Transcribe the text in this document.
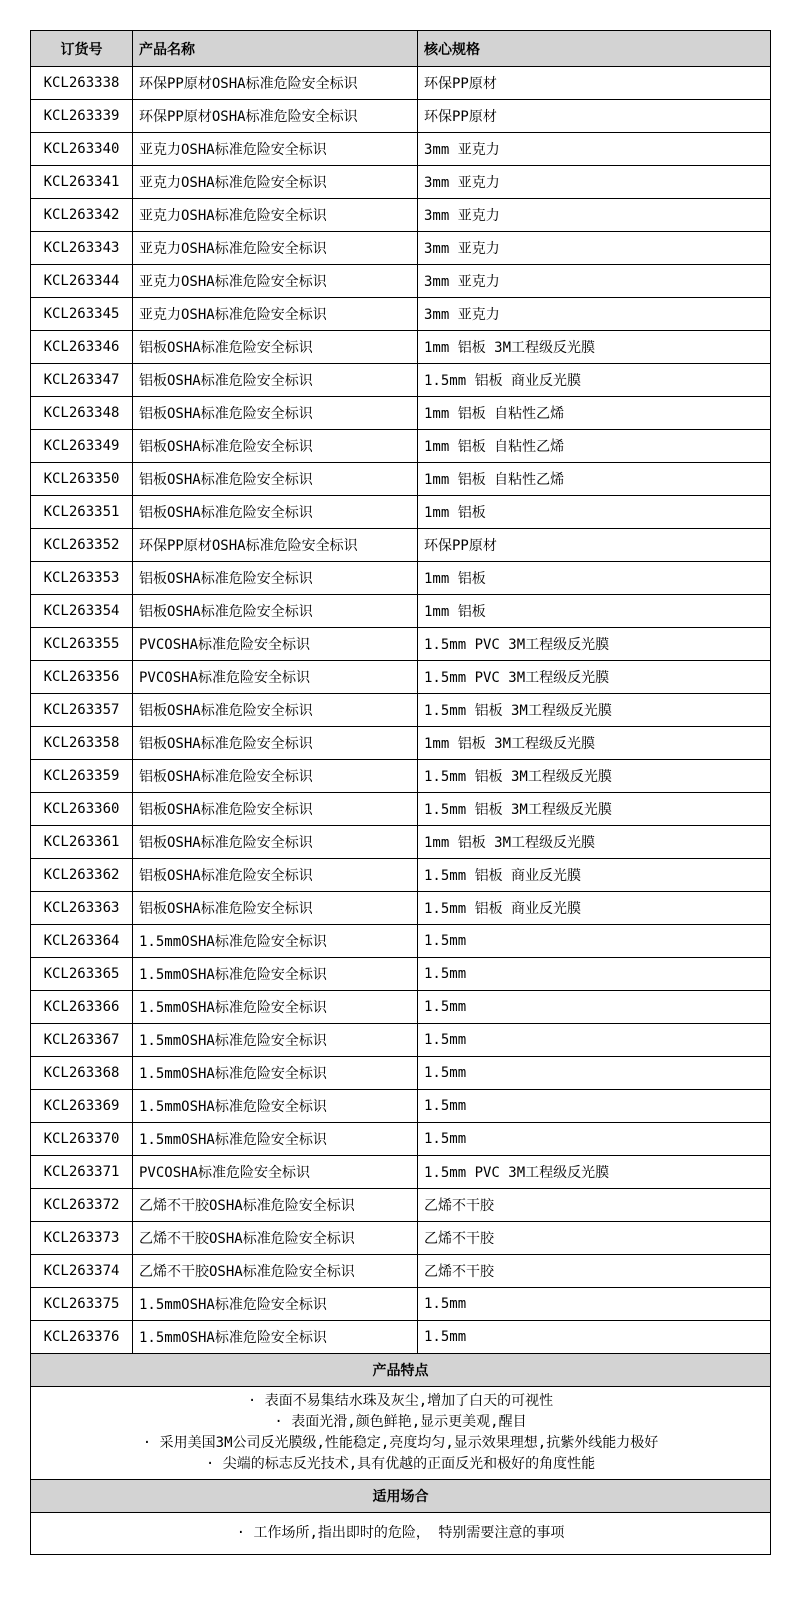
订货号	产品名称	核心规格
KCL263338	环保PP原材OSHA标准危险安全标识	环保PP原材
KCL263339	环保PP原材OSHA标准危险安全标识	环保PP原材
KCL263340	亚克力OSHA标准危险安全标识	3mm 亚克力
KCL263341	亚克力OSHA标准危险安全标识	3mm 亚克力
KCL263342	亚克力OSHA标准危险安全标识	3mm 亚克力
KCL263343	亚克力OSHA标准危险安全标识	3mm 亚克力
KCL263344	亚克力OSHA标准危险安全标识	3mm 亚克力
KCL263345	亚克力OSHA标准危险安全标识	3mm 亚克力
KCL263346	铝板OSHA标准危险安全标识	1mm 铝板 3M工程级反光膜
KCL263347	铝板OSHA标准危险安全标识	1.5mm 铝板 商业反光膜
KCL263348	铝板OSHA标准危险安全标识	1mm 铝板 自粘性乙烯
KCL263349	铝板OSHA标准危险安全标识	1mm 铝板 自粘性乙烯
KCL263350	铝板OSHA标准危险安全标识	1mm 铝板 自粘性乙烯
KCL263351	铝板OSHA标准危险安全标识	1mm 铝板
KCL263352	环保PP原材OSHA标准危险安全标识	环保PP原材
KCL263353	铝板OSHA标准危险安全标识	1mm 铝板
KCL263354	铝板OSHA标准危险安全标识	1mm 铝板
KCL263355	PVCOSHA标准危险安全标识	1.5mm PVC 3M工程级反光膜
KCL263356	PVCOSHA标准危险安全标识	1.5mm PVC 3M工程级反光膜
KCL263357	铝板OSHA标准危险安全标识	1.5mm 铝板 3M工程级反光膜
KCL263358	铝板OSHA标准危险安全标识	1mm 铝板 3M工程级反光膜
KCL263359	铝板OSHA标准危险安全标识	1.5mm 铝板 3M工程级反光膜
KCL263360	铝板OSHA标准危险安全标识	1.5mm 铝板 3M工程级反光膜
KCL263361	铝板OSHA标准危险安全标识	1mm 铝板 3M工程级反光膜
KCL263362	铝板OSHA标准危险安全标识	1.5mm 铝板 商业反光膜
KCL263363	铝板OSHA标准危险安全标识	1.5mm 铝板 商业反光膜
KCL263364	1.5mmOSHA标准危险安全标识	1.5mm
KCL263365	1.5mmOSHA标准危险安全标识	1.5mm
KCL263366	1.5mmOSHA标准危险安全标识	1.5mm
KCL263367	1.5mmOSHA标准危险安全标识	1.5mm
KCL263368	1.5mmOSHA标准危险安全标识	1.5mm
KCL263369	1.5mmOSHA标准危险安全标识	1.5mm
KCL263370	1.5mmOSHA标准危险安全标识	1.5mm
KCL263371	PVCOSHA标准危险安全标识	1.5mm PVC 3M工程级反光膜
KCL263372	乙烯不干胶OSHA标准危险安全标识	乙烯不干胶
KCL263373	乙烯不干胶OSHA标准危险安全标识	乙烯不干胶
KCL263374	乙烯不干胶OSHA标准危险安全标识	乙烯不干胶
KCL263375	1.5mmOSHA标准危险安全标识	1.5mm
KCL263376	1.5mmOSHA标准危险安全标识	1.5mm
产品特点		

· 表面不易集结水珠及灰尘,增加了白天的可视性
· 表面光滑,颜色鲜艳,显示更美观,醒目
· 采用美国3M公司反光膜级,性能稳定,亮度均匀,显示效果理想,抗紫外线能力极好
· 尖端的标志反光技术,具有优越的正面反光和极好的角度性能		

适用场合		

· 工作场所,指出即时的危险， 特别需要注意的事项		
